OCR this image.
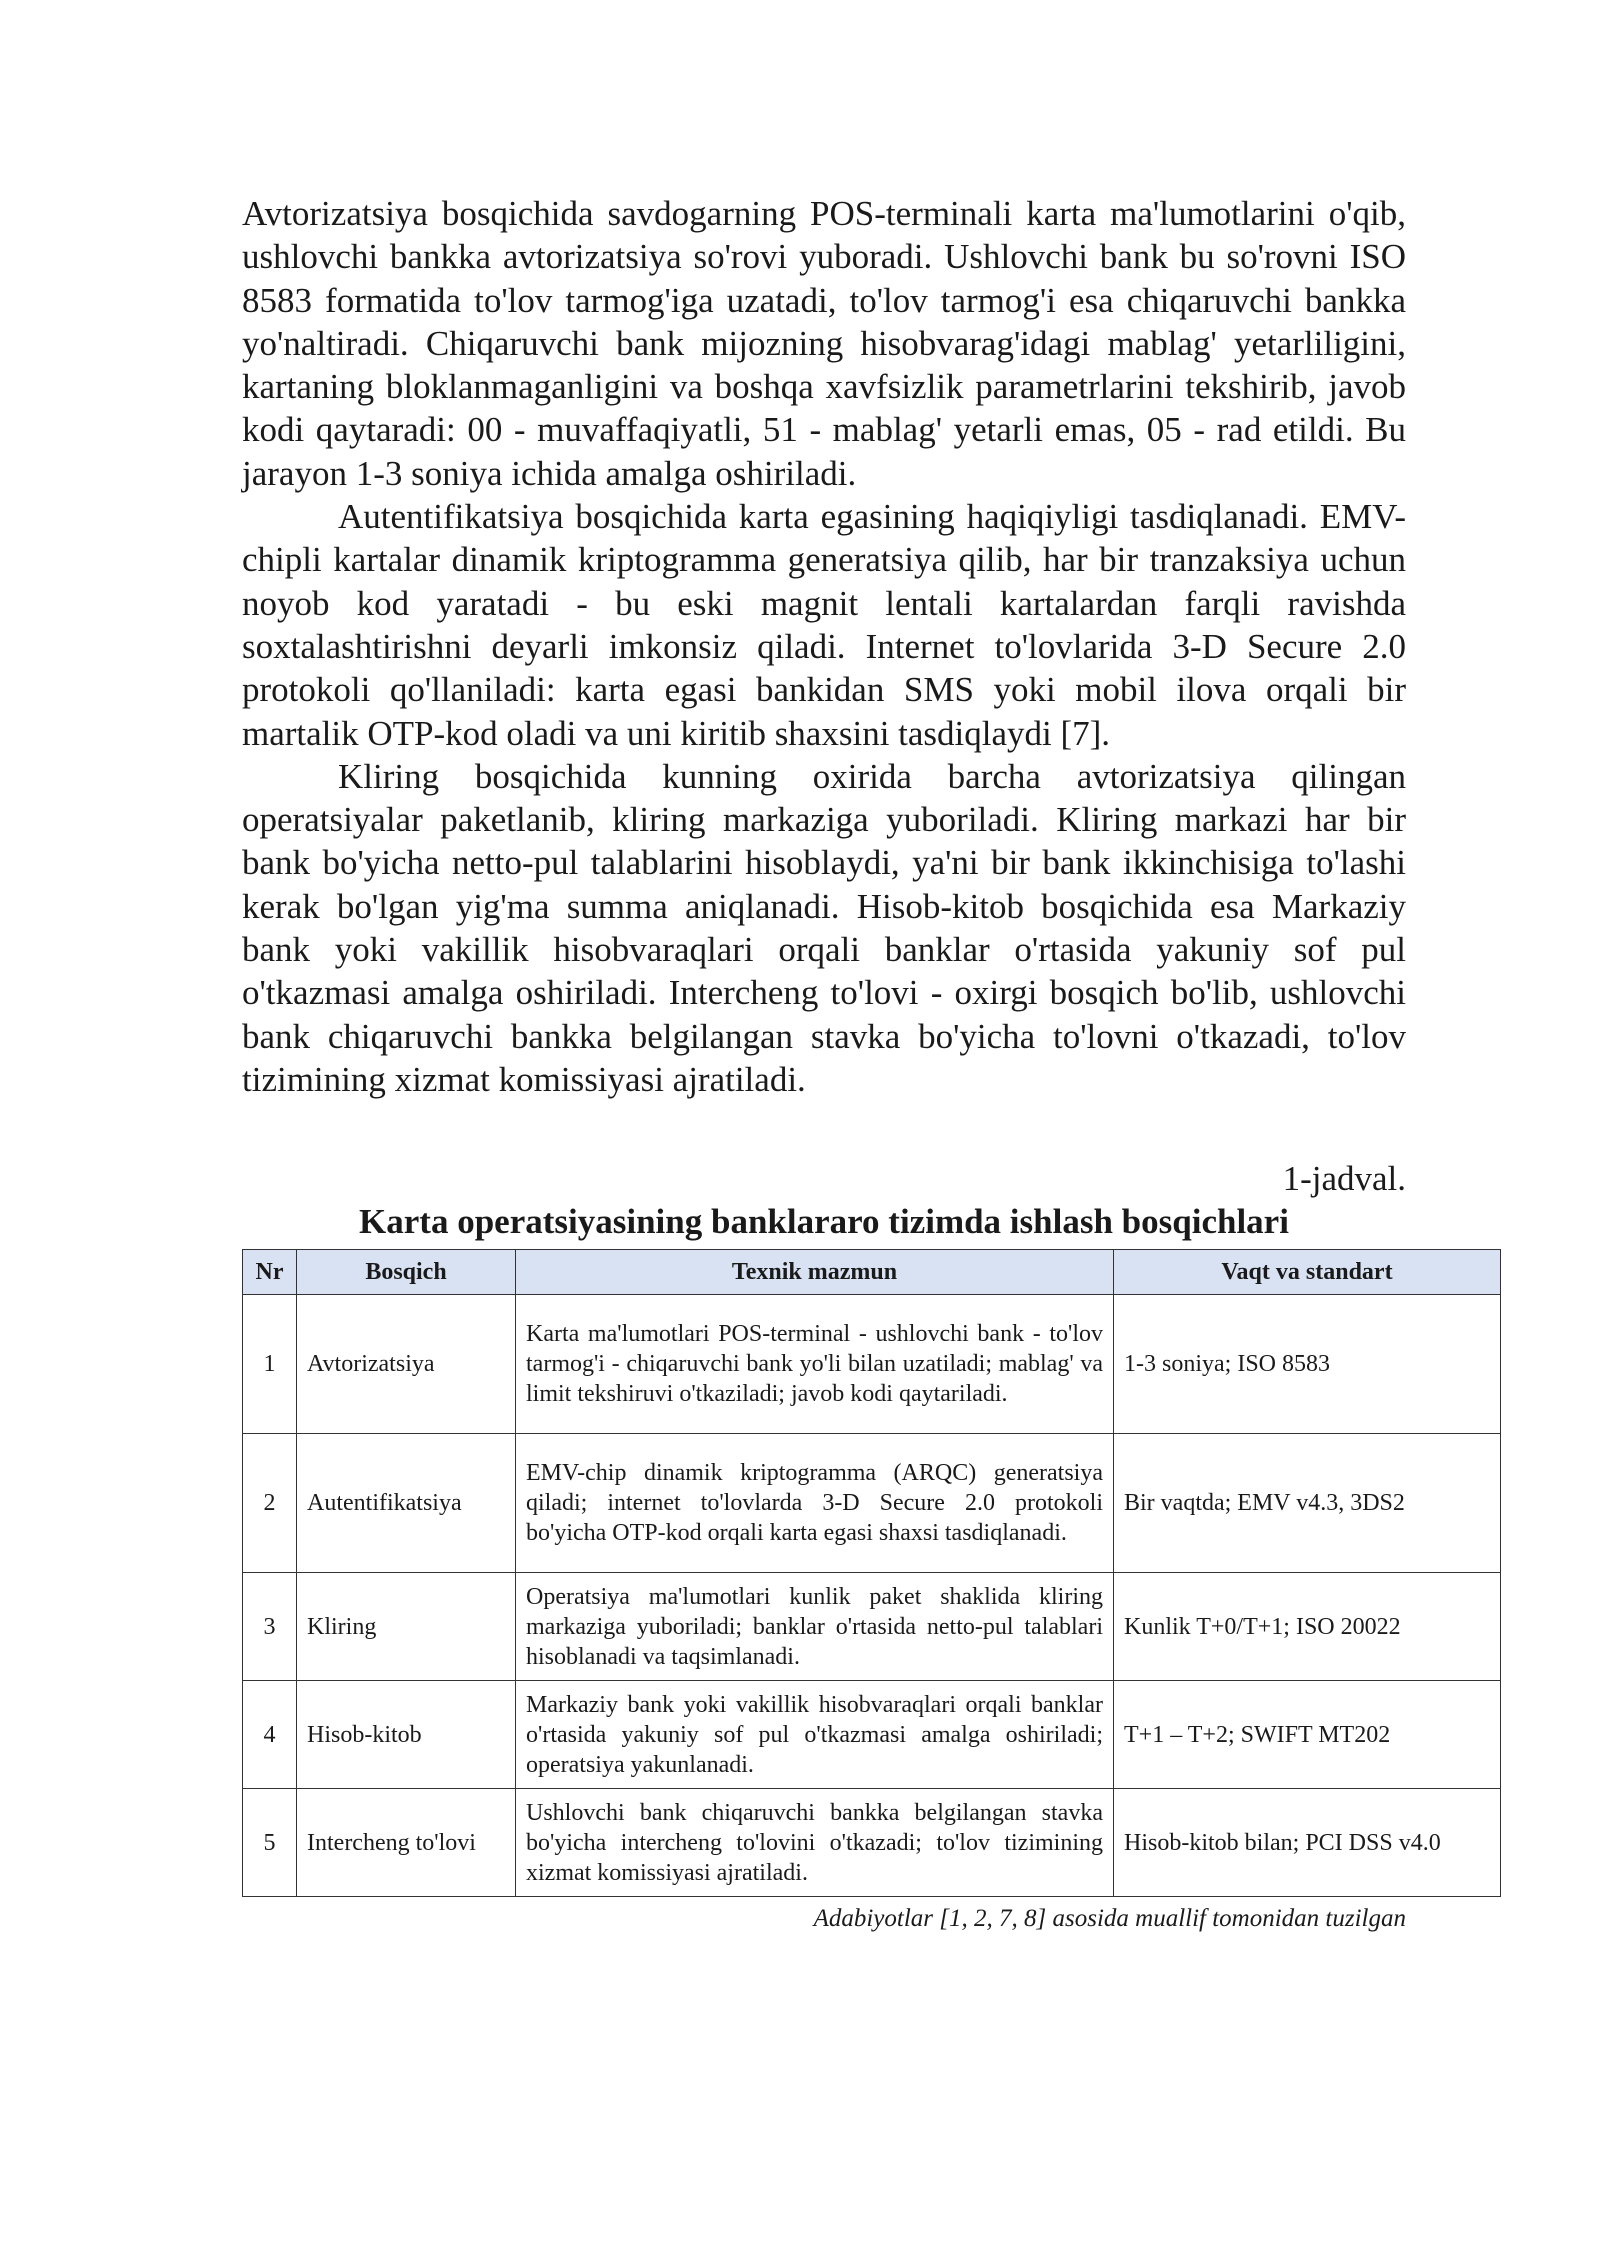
Avtorizatsiya bosqichida savdogarning POS-terminali karta ma'lumotlarini o'qib, ushlovchi bankka avtorizatsiya so'rovi yuboradi. Ushlovchi bank bu so'rovni ISO 8583 formatida to'lov tarmog'iga uzatadi, to'lov tarmog'i esa chiqaruvchi bankka yo'naltiradi. Chiqaruvchi bank mijozning hisobvarag'idagi mablag' yetarliligini, kartaning bloklanmaganligini va boshqa xavfsizlik parametrlarini tekshirib, javob kodi qaytaradi: 00 - muvaffaqiyatli, 51 - mablag' yetarli emas, 05 - rad etildi. Bu jarayon 1-3 soniya ichida amalga oshiriladi.

Autentifikatsiya bosqichida karta egasining haqiqiyligi tasdiqlanadi. EMV-chipli kartalar dinamik kriptogramma generatsiya qilib, har bir tranzaksiya uchun noyob kod yaratadi - bu eski magnit lentali kartalardan farqli ravishda soxtalashtirishni deyarli imkonsiz qiladi. Internet to'lovlarida 3-D Secure 2.0 protokoli qo'llaniladi: karta egasi bankidan SMS yoki mobil ilova orqali bir martalik OTP-kod oladi va uni kiritib shaxsini tasdiqlaydi [7].

Kliring bosqichida kunning oxirida barcha avtorizatsiya qilingan operatsiyalar paketlanib, kliring markaziga yuboriladi. Kliring markazi har bir bank bo'yicha netto-pul talablarini hisoblaydi, ya'ni bir bank ikkinchisiga to'lashi kerak bo'lgan yig'ma summa aniqlanadi. Hisob-kitob bosqichida esa Markaziy bank yoki vakillik hisobvaraqlari orqali banklar o'rtasida yakuniy sof pul o'tkazmasi amalga oshiriladi. Intercheng to'lovi - oxirgi bosqich bo'lib, ushlovchi bank chiqaruvchi bankka belgilangan stavka bo'yicha to'lovni o'tkazadi, to'lov tizimining xizmat komissiyasi ajratiladi.

1-jadval.

Karta operatsiyasining banklararo tizimda ishlash bosqichlari

Nr	Bosqich	Texnik mazmun	Vaqt va standart
1	Avtorizatsiya	Karta ma'lumotlari POS-terminal - ushlovchi bank - to'lov tarmog'i - chiqaruvchi bank yo'li bilan uzatiladi; mablag' va limit tekshiruvi o'tkaziladi; javob kodi qaytariladi.	1-3 soniya; ISO 8583
2	Autentifikatsiya	EMV-chip dinamik kriptogramma (ARQC) generatsiya qiladi; internet to'lovlarda 3-D Secure 2.0 protokoli bo'yicha OTP-kod orqali karta egasi shaxsi tasdiqlanadi.	Bir vaqtda; EMV v4.3, 3DS2
3	Kliring	Operatsiya ma'lumotlari kunlik paket shaklida kliring markaziga yuboriladi; banklar o'rtasida netto-pul talablari hisoblanadi va taqsimlanadi.	Kunlik T+0/T+1; ISO 20022
4	Hisob-kitob	Markaziy bank yoki vakillik hisobvaraqlari orqali banklar o'rtasida yakuniy sof pul o'tkazmasi amalga oshiriladi; operatsiya yakunlanadi.	T+1 – T+2; SWIFT MT202
5	Intercheng to'lovi	Ushlovchi bank chiqaruvchi bankka belgilangan stavka bo'yicha intercheng to'lovini o'tkazadi; to'lov tizimining xizmat komissiyasi ajratiladi.	Hisob-kitob bilan; PCI DSS v4.0

Adabiyotlar [1, 2, 7, 8] asosida muallif tomonidan tuzilgan
